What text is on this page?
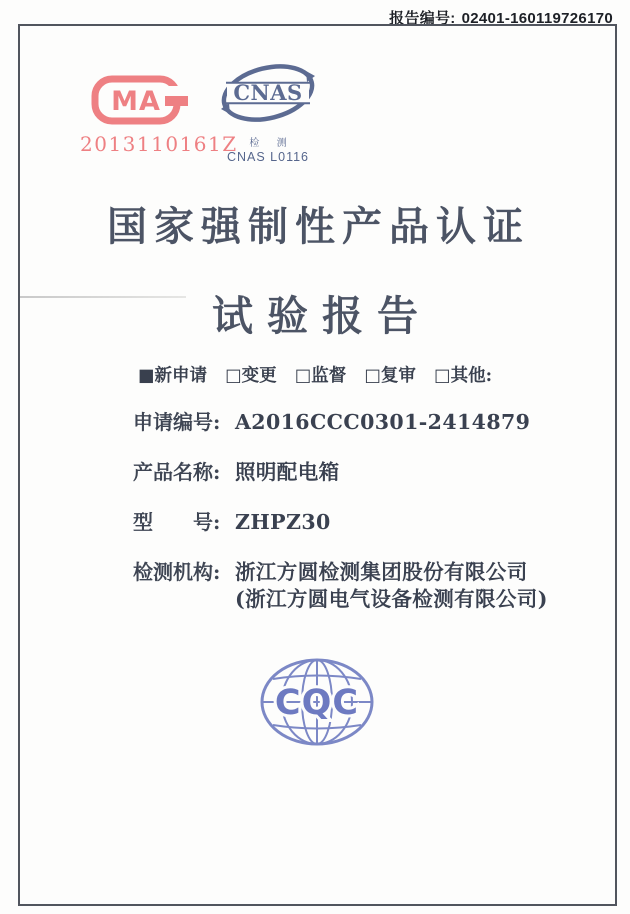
报告编号: 02401-160119726170
MA
2013110161Z
CNAS
检 测
CNAS L0116
国家强制性产品认证
试验报告
■新申请 □变更 □监督 □复审 □其他:
申请编号: A2016CCC0301-2414879
产品名称: 照明配电箱
型　　号: ZHPZ30
检测机构: 浙江方圆检测集团股份有限公司
(浙江方圆电气设备检测有限公司)
CQC
